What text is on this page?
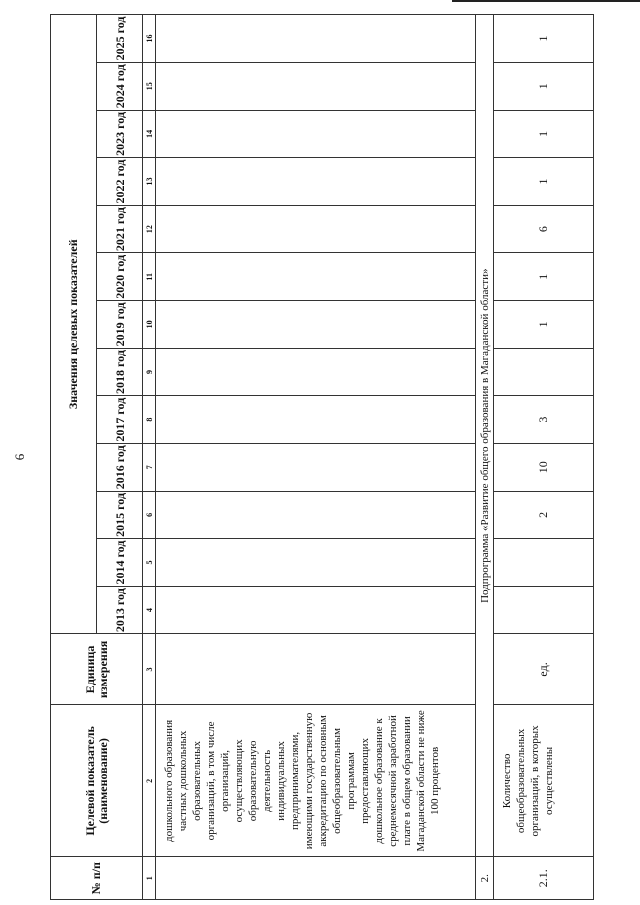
6
№ п/п	Целевой показатель (наименование)	Единица измерения	Значения целевых показателей												
			2013 год	2014 год	2015 год	2016 год	2017 год	2018 год	2019 год	2020 год	2021 год	2022 год	2023 год	2024 год	2025 год
1	2	3	4	5	6	7	8	9	10	11	12	13	14	15	16
	дошкольного образования частных дошкольных образовательных организаций, в том числе организаций, осуществляющих образовательную деятельность индивидуальных предпринимателями, имеющими государственную аккредитацию по основным общеобразовательным программам предоставляющих дошкольное образование к среднемесячной заработной плате в общем образовании Магаданской области не ниже 100 процентов														
2.	Подпрограмма «Развитие общего образования в Магаданской области»														
2.1.	Количество общеобразовательных организаций, в которых осуществлены	ед.			2	10	3		1	1	6	1	1	1	1
